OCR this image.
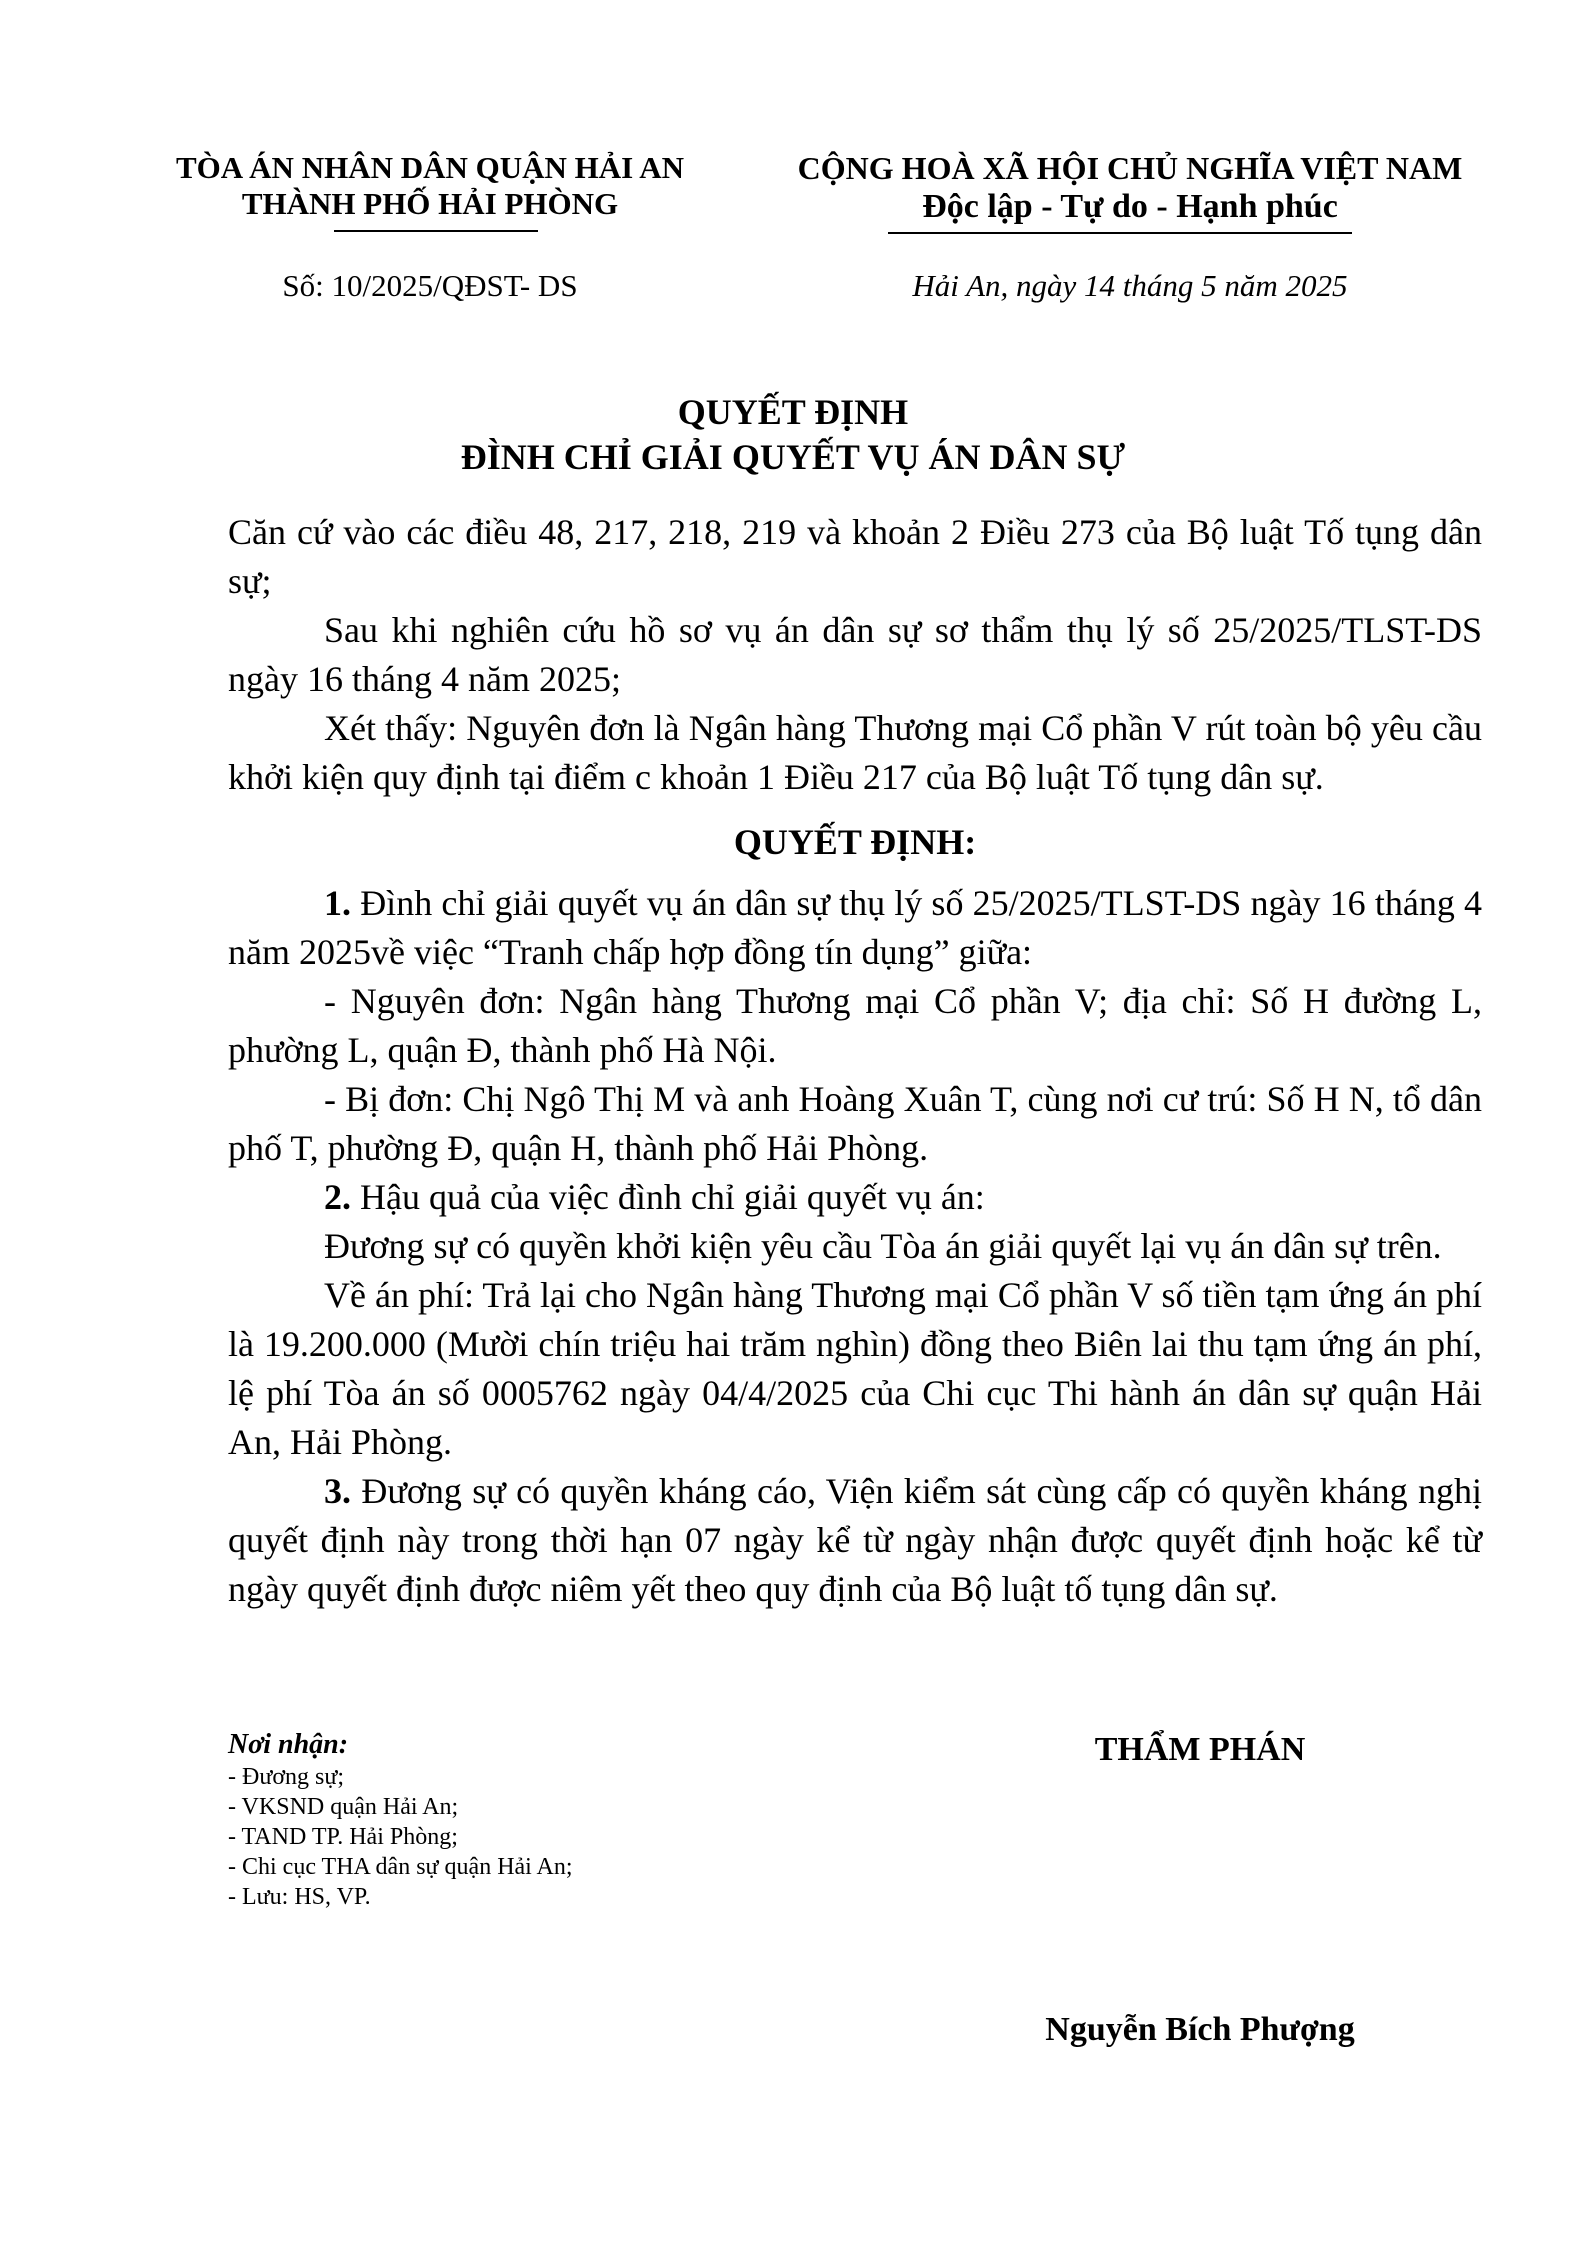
TÒA ÁN NHÂN DÂN QUẬN HẢI AN
THÀNH PHỐ HẢI PHÒNG
Số: 10/2025/QĐST- DS
CỘNG HOÀ XÃ HỘI CHỦ NGHĨA VIỆT NAM
Độc lập - Tự do - Hạnh phúc
Hải An, ngày 14 tháng 5 năm 2025
QUYẾT ĐỊNH
ĐÌNH CHỈ GIẢI QUYẾT VỤ ÁN DÂN SỰ

Căn cứ vào các điều 48, 217, 218, 219 và khoản 2 Điều 273 của Bộ luật Tố tụng dân sự;

Sau khi nghiên cứu hồ sơ vụ án dân sự sơ thẩm thụ lý số 25/2025/TLST-DS ngày 16 tháng 4 năm 2025;

Xét thấy: Nguyên đơn là Ngân hàng Thương mại Cổ phần V rút toàn bộ yêu cầu khởi kiện quy định tại điểm c khoản 1 Điều 217 của Bộ luật Tố tụng dân sự.

QUYẾT ĐỊNH:

1. Đình chỉ giải quyết vụ án dân sự thụ lý số 25/2025/TLST-DS ngày 16 tháng 4 năm 2025về việc “Tranh chấp hợp đồng tín dụng” giữa:

- Nguyên đơn: Ngân hàng Thương mại Cổ phần V; địa chỉ: Số H đường L, phường L, quận Đ, thành phố Hà Nội.

- Bị đơn: Chị Ngô Thị M và anh Hoàng Xuân T, cùng nơi cư trú: Số H N, tổ dân phố T, phường Đ, quận H, thành phố Hải Phòng.

2. Hậu quả của việc đình chỉ giải quyết vụ án:

Đương sự có quyền khởi kiện yêu cầu Tòa án giải quyết lại vụ án dân sự trên.

Về án phí: Trả lại cho Ngân hàng Thương mại Cổ phần V số tiền tạm ứng án phí là 19.200.000 (Mười chín triệu hai trăm nghìn) đồng theo Biên lai thu tạm ứng án phí, lệ phí Tòa án số 0005762 ngày 04/4/2025 của Chi cục Thi hành án dân sự quận Hải An, Hải Phòng.

3. Đương sự có quyền kháng cáo, Viện kiểm sát cùng cấp có quyền kháng nghị quyết định này trong thời hạn 07 ngày kể từ ngày nhận được quyết định hoặc kể từ ngày quyết định được niêm yết theo quy định của Bộ luật tố tụng dân sự.

Nơi nhận:
- Đương sự;
- VKSND quận Hải An;
- TAND TP. Hải Phòng;
- Chi cục THA dân sự quận Hải An;
- Lưu: HS, VP.
THẨM PHÁN
Nguyễn Bích Phượng
